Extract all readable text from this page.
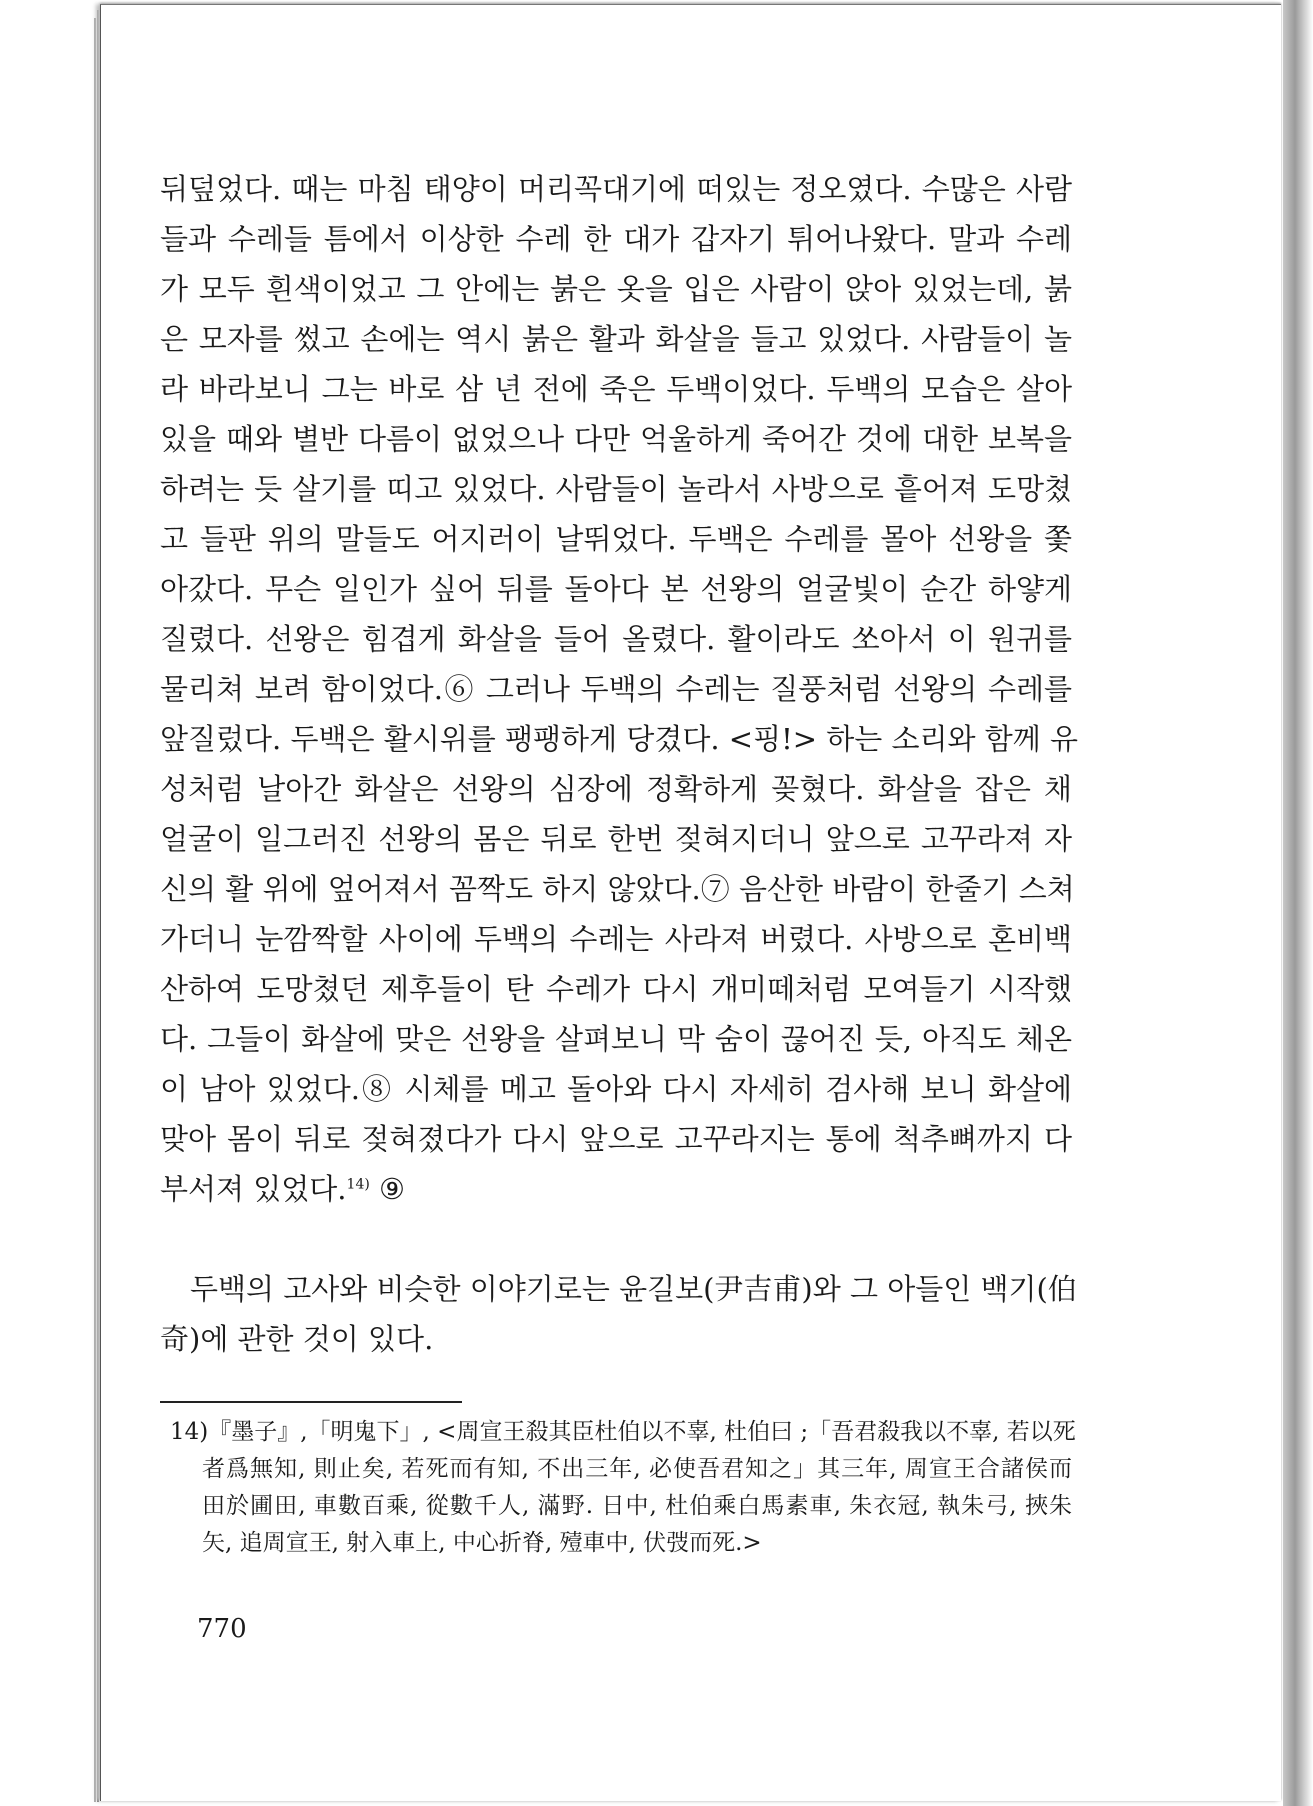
뒤덮었다. 때는 마침 태양이 머리꼭대기에 떠있는 정오였다. 수많은 사람
들과 수레들 틈에서 이상한 수레 한 대가 갑자기 튀어나왔다. 말과 수레
가 모두 흰색이었고 그 안에는 붉은 옷을 입은 사람이 앉아 있었는데, 붉
은 모자를 썼고 손에는 역시 붉은 활과 화살을 들고 있었다. 사람들이 놀
라 바라보니 그는 바로 삼 년 전에 죽은 두백이었다. 두백의 모습은 살아
있을 때와 별반 다름이 없었으나 다만 억울하게 죽어간 것에 대한 보복을
하려는 듯 살기를 띠고 있었다. 사람들이 놀라서 사방으로 흩어져 도망쳤
고 들판 위의 말들도 어지러이 날뛰었다. 두백은 수레를 몰아 선왕을 쫓
아갔다. 무슨 일인가 싶어 뒤를 돌아다 본 선왕의 얼굴빛이 순간 하얗게
질렸다. 선왕은 힘겹게 화살을 들어 올렸다. 활이라도 쏘아서 이 원귀를
물리쳐 보려 함이었다.⑥ 그러나 두백의 수레는 질풍처럼 선왕의 수레를
앞질렀다. 두백은 활시위를 팽팽하게 당겼다. <핑!> 하는 소리와 함께 유
성처럼 날아간 화살은 선왕의 심장에 정확하게 꽂혔다. 화살을 잡은 채
얼굴이 일그러진 선왕의 몸은 뒤로 한번 젖혀지더니 앞으로 고꾸라져 자
신의 활 위에 엎어져서 꼼짝도 하지 않았다.⑦ 음산한 바람이 한줄기 스쳐
가더니 눈깜짝할 사이에 두백의 수레는 사라져 버렸다. 사방으로 혼비백
산하여 도망쳤던 제후들이 탄 수레가 다시 개미떼처럼 모여들기 시작했
다. 그들이 화살에 맞은 선왕을 살펴보니 막 숨이 끊어진 듯, 아직도 체온
이 남아 있었다.⑧ 시체를 메고 돌아와 다시 자세히 검사해 보니 화살에
맞아 몸이 뒤로 젖혀졌다가 다시 앞으로 고꾸라지는 통에 척추뼈까지 다
부서져 있었다.$^{14)}$ ⑨
두백의 고사와 비슷한 이야기로는 윤길보(尹吉甫)와 그 아들인 백기(伯
奇)에 관한 것이 있다.
14)『墨子』,「明鬼下」, <周宣王殺其臣杜伯以不辜, 杜伯曰 ;「吾君殺我以不辜, 若以死
者爲無知, 則止矣, 若死而有知, 不出三年, 必使吾君知之」其三年, 周宣王合諸侯而
田於圃田, 車數百乘, 從數千人, 滿野. 日中, 杜伯乘白馬素車, 朱衣冠, 執朱弓, 挾朱
矢, 追周宣王, 射入車上, 中心折脊, 殪車中, 伏弢而死.>
770
